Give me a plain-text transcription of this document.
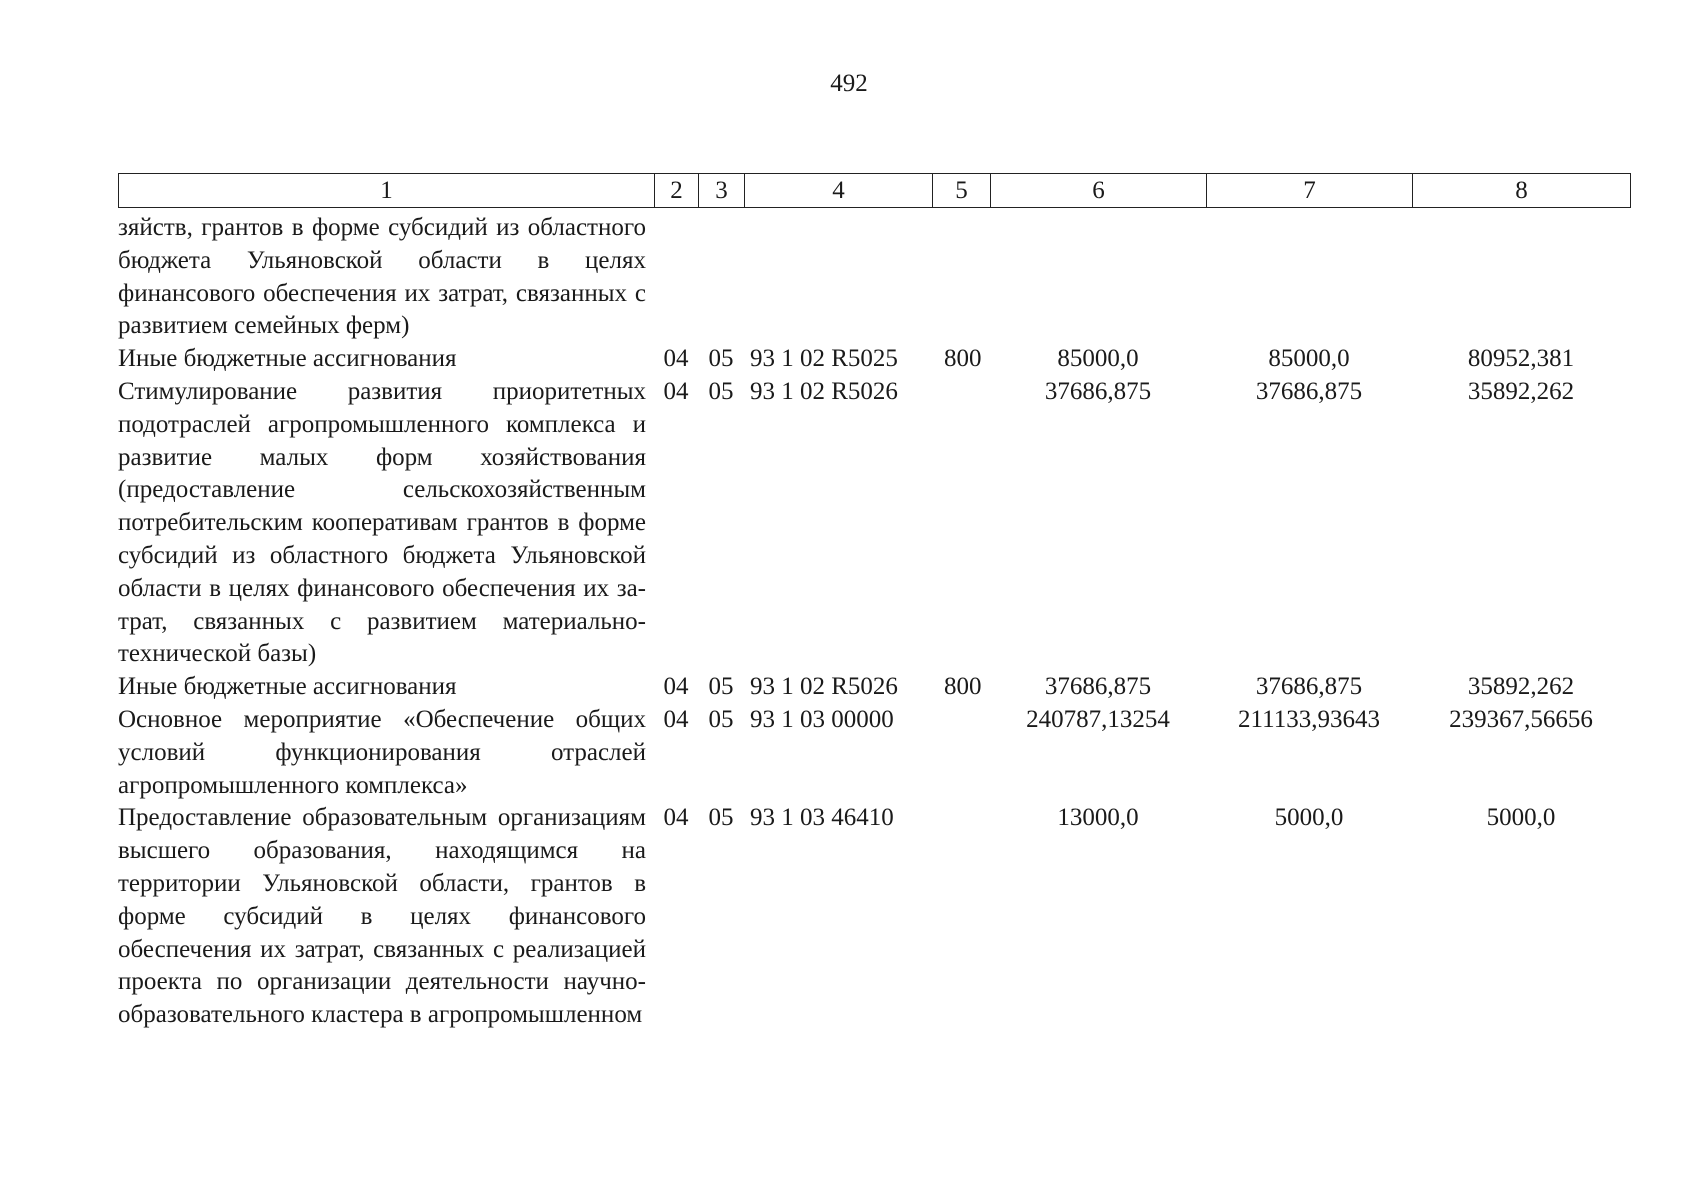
492
1	2	3	4	5	6	7	8
зяйств, грантов в форме субсидий из областного бюджета Ульяновской области в целях финансового обеспечения их затрат, связанных с развитием семейных ферм)							
Иные бюджетные ассигнования	04	05	93 1 02 R5025	800	85000,0	85000,0	80952,381
Стимулирование развития приоритетных подотраслей агропромышленного комплекса и развитие малых форм хозяйствования (предоставление сельскохозяйственным потребительским кооперативам грантов в форме субсидий из областного бюджета Ульяновской области в целях финансового обеспечения их затрат, связанных с развитием материально-технической базы)	04	05	93 1 02 R5026		37686,875	37686,875	35892,262
Иные бюджетные ассигнования	04	05	93 1 02 R5026	800	37686,875	37686,875	35892,262
Основное мероприятие «Обеспечение общих условий функционирования отраслей агропромышленного комплекса»	04	05	93 1 03 00000		240787,13254	211133,93643	239367,56656
Предоставление образовательным организациям высшего образования, находящимся на территории Ульяновской области, грантов в форме субсидий в целях финансового обеспечения их затрат, связанных с реализацией проекта по организации деятельности научно-образовательного кластера в агропромышленном	04	05	93 1 03 46410		13000,0	5000,0	5000,0
